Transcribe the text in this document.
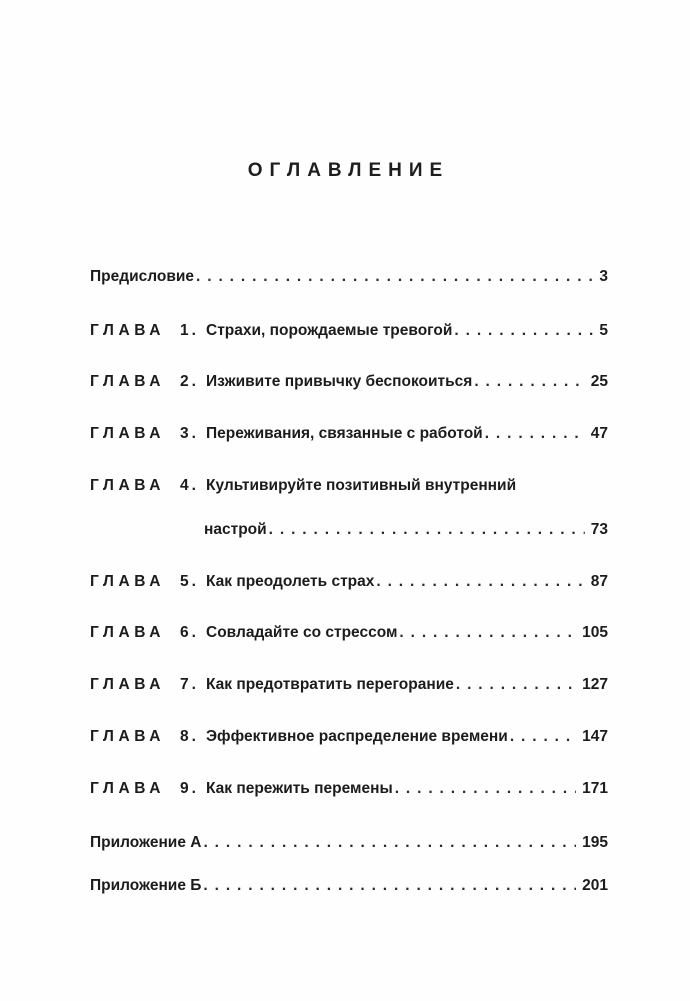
ОГЛАВЛЕНИЕ
Предисловие . . .	3
ГЛАВА 1 . Страхи, порождаемые тревогой . . .	5
ГЛАВА 2 . Изживите привычку беспокоиться . . .	25
ГЛАВА 3 . Переживания, связанные с работой . . .	47
ГЛАВА 4 . Культивируйте позитивный внутренний
настрой . . .	73
ГЛАВА 5 . Как преодолеть страх . . .	87
ГЛАВА 6 . Совладайте со стрессом . . .	105
ГЛАВА 7 . Как предотвратить перегорание . . .	127
ГЛАВА 8 . Эффективное распределение времени . . .	147
ГЛАВА 9 . Как пережить перемены . . .	171
Приложение А . . .	195
Приложение Б . . .	201
